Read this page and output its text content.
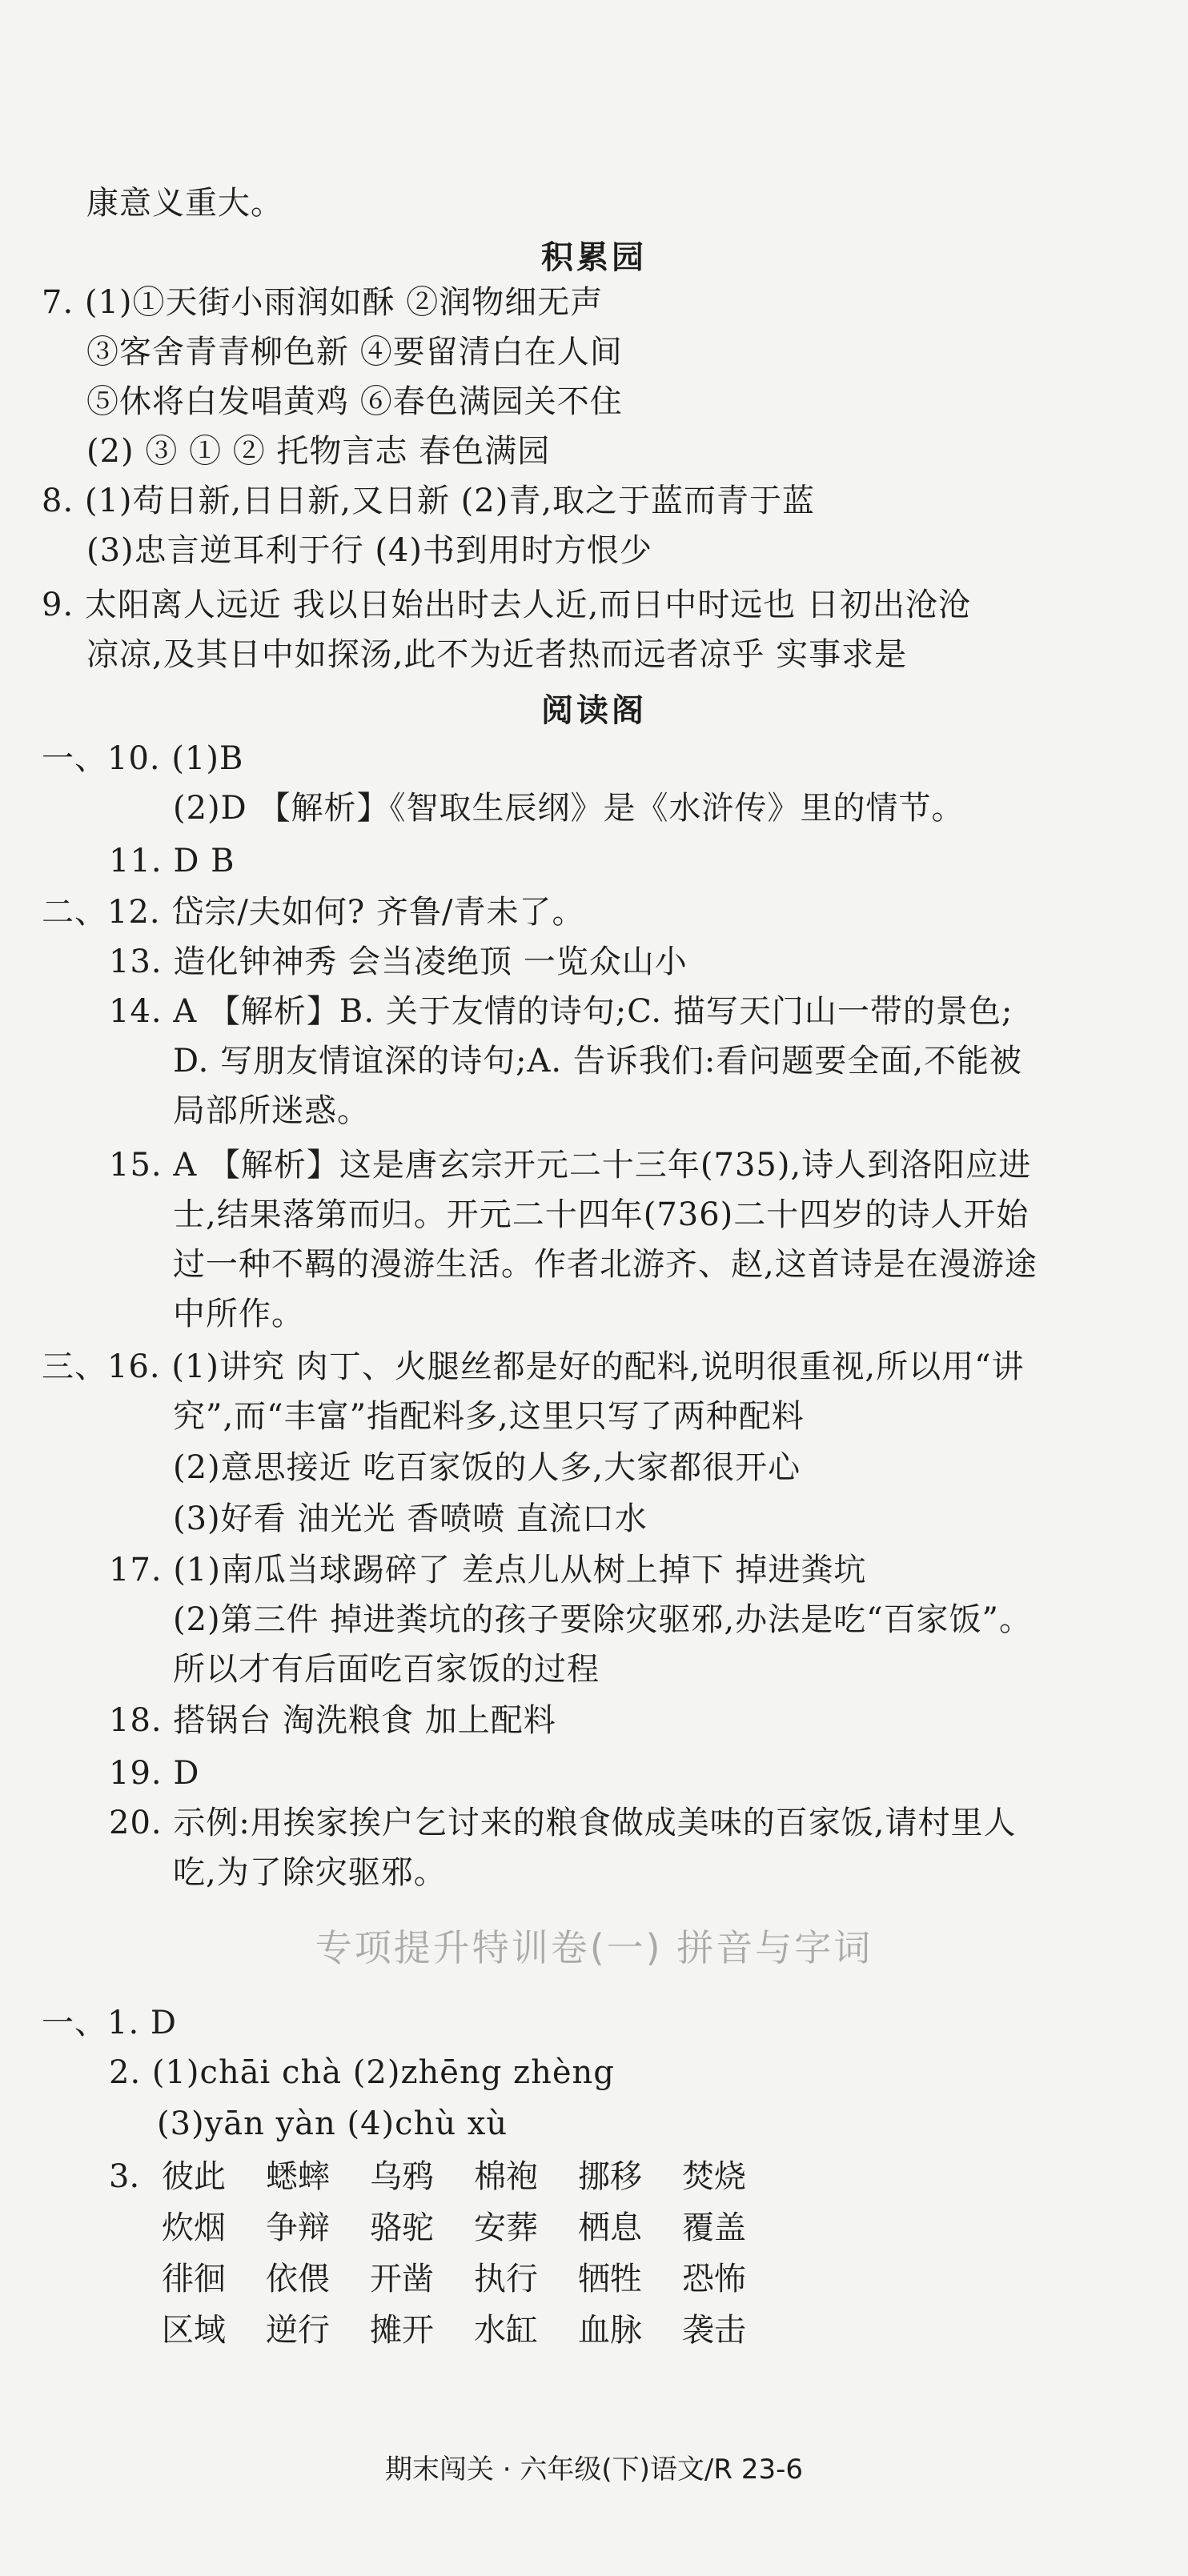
康意义重大。
积累园
7. (1)①天街小雨润如酥 ②润物细无声
③客舍青青柳色新 ④要留清白在人间
⑤休将白发唱黄鸡 ⑥春色满园关不住
(2) ③ ① ② 托物言志 春色满园
8. (1)苟日新,日日新,又日新 (2)青,取之于蓝而青于蓝
(3)忠言逆耳利于行 (4)书到用时方恨少
9. 太阳离人远近 我以日始出时去人近,而日中时远也 日初出沧沧
凉凉,及其日中如探汤,此不为近者热而远者凉乎 实事求是
阅读阁
一、10. (1)B
(2)D 【解析】《智取生辰纲》是《水浒传》里的情节。
11. D B
二、12. 岱宗/夫如何? 齐鲁/青未了。
13. 造化钟神秀 会当凌绝顶 一览众山小
14. A 【解析】B. 关于友情的诗句;C. 描写天门山一带的景色;
D. 写朋友情谊深的诗句;A. 告诉我们:看问题要全面,不能被
局部所迷惑。
15. A 【解析】这是唐玄宗开元二十三年(735),诗人到洛阳应进
士,结果落第而归。开元二十四年(736)二十四岁的诗人开始
过一种不羁的漫游生活。作者北游齐、赵,这首诗是在漫游途
中所作。
三、16. (1)讲究 肉丁、火腿丝都是好的配料,说明很重视,所以用“讲
究”,而“丰富”指配料多,这里只写了两种配料
(2)意思接近 吃百家饭的人多,大家都很开心
(3)好看 油光光 香喷喷 直流口水
17. (1)南瓜当球踢碎了 差点儿从树上掉下 掉进粪坑
(2)第三件 掉进粪坑的孩子要除灾驱邪,办法是吃“百家饭”。
所以才有后面吃百家饭的过程
18. 搭锅台 淘洗粮食 加上配料
19. D
20. 示例:用挨家挨户乞讨来的粮食做成美味的百家饭,请村里人
吃,为了除灾驱邪。
专项提升特训卷(一) 拼音与字词
一、1. D
2. (1)chāi chà (2)zhēng zhèng
(3)yān yàn (4)chù xù
3. 彼此 蟋蟀 乌鸦 棉袍 挪移 焚烧
炊烟 争辩 骆驼 安葬 栖息 覆盖
徘徊 依偎 开凿 执行 牺牲 恐怖
区域 逆行 摊开 水缸 血脉 袭击
期末闯关 · 六年级(下)语文/R 23-6
